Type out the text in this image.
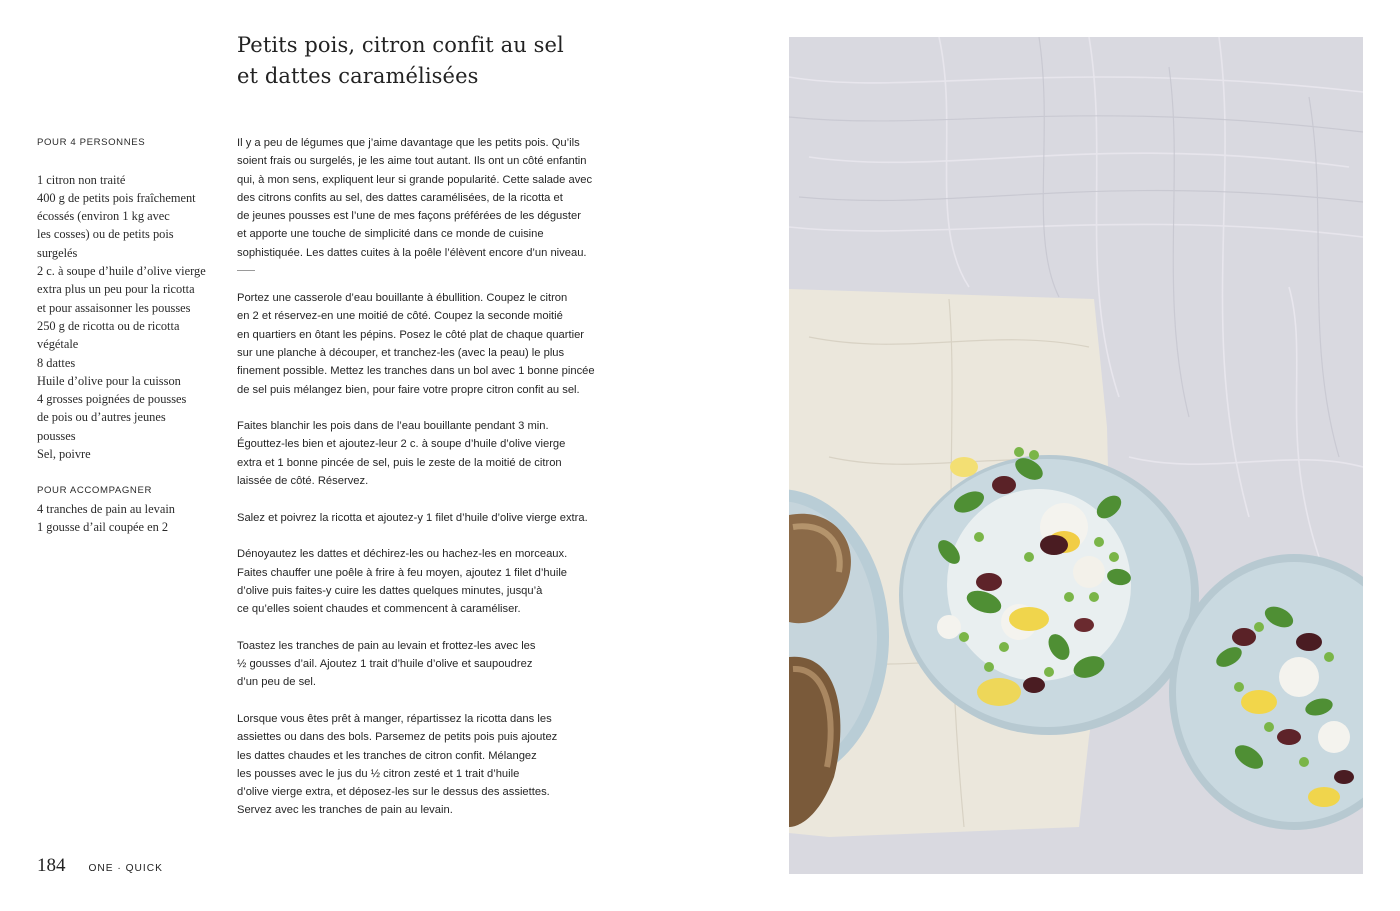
Petits pois, citron confit au sel
et dattes caramélisées
POUR 4 PERSONNES
1 citron non traité
400 g de petits pois fraîchement
écossés (environ 1 kg avec
les cosses) ou de petits pois
surgelés
2 c. à soupe d’huile d’olive vierge
extra plus un peu pour la ricotta
et pour assaisonner les pousses
250 g de ricotta ou de ricotta
végétale
8 dattes
Huile d’olive pour la cuisson
4 grosses poignées de pousses
de pois ou d’autres jeunes
pousses
Sel, poivre
POUR ACCOMPAGNER
4 tranches de pain au levain
1 gousse d’ail coupée en 2

Il y a peu de légumes que j’aime davantage que les petits pois. Qu’ils
soient frais ou surgelés, je les aime tout autant. Ils ont un côté enfantin
qui, à mon sens, expliquent leur si grande popularité. Cette salade avec
des citrons confits au sel, des dattes caramélisées, de la ricotta et
de jeunes pousses est l’une de mes façons préférées de les déguster
et apporte une touche de simplicité dans ce monde de cuisine
sophistiquée. Les dattes cuites à la poêle l’élèvent encore d’un niveau.

Portez une casserole d’eau bouillante à ébullition. Coupez le citron
en 2 et réservez-en une moitié de côté. Coupez la seconde moitié
en quartiers en ôtant les pépins. Posez le côté plat de chaque quartier
sur une planche à découper, et tranchez-les (avec la peau) le plus
finement possible. Mettez les tranches dans un bol avec 1 bonne pincée
de sel puis mélangez bien, pour faire votre propre citron confit au sel.

Faites blanchir les pois dans de l’eau bouillante pendant 3 min.
Égouttez-les bien et ajoutez-leur 2 c. à soupe d’huile d’olive vierge
extra et 1 bonne pincée de sel, puis le zeste de la moitié de citron
laissée de côté. Réservez.

Salez et poivrez la ricotta et ajoutez-y 1 filet d’huile d’olive vierge extra.

Dénoyautez les dattes et déchirez-les ou hachez-les en morceaux.
Faites chauffer une poêle à frire à feu moyen, ajoutez 1 filet d’huile
d’olive puis faites-y cuire les dattes quelques minutes, jusqu’à
ce qu’elles soient chaudes et commencent à caraméliser.

Toastez les tranches de pain au levain et frottez-les avec les
½ gousses d’ail. Ajoutez 1 trait d’huile d’olive et saupoudrez
d’un peu de sel.

Lorsque vous êtes prêt à manger, répartissez la ricotta dans les
assiettes ou dans des bols. Parsemez de petits pois puis ajoutez
les dattes chaudes et les tranches de citron confit. Mélangez
les pousses avec le jus du ½ citron zesté et 1 trait d’huile
d’olive vierge extra, et déposez-les sur le dessus des assiettes.
Servez avec les tranches de pain au levain.

184 ONE · QUICK
